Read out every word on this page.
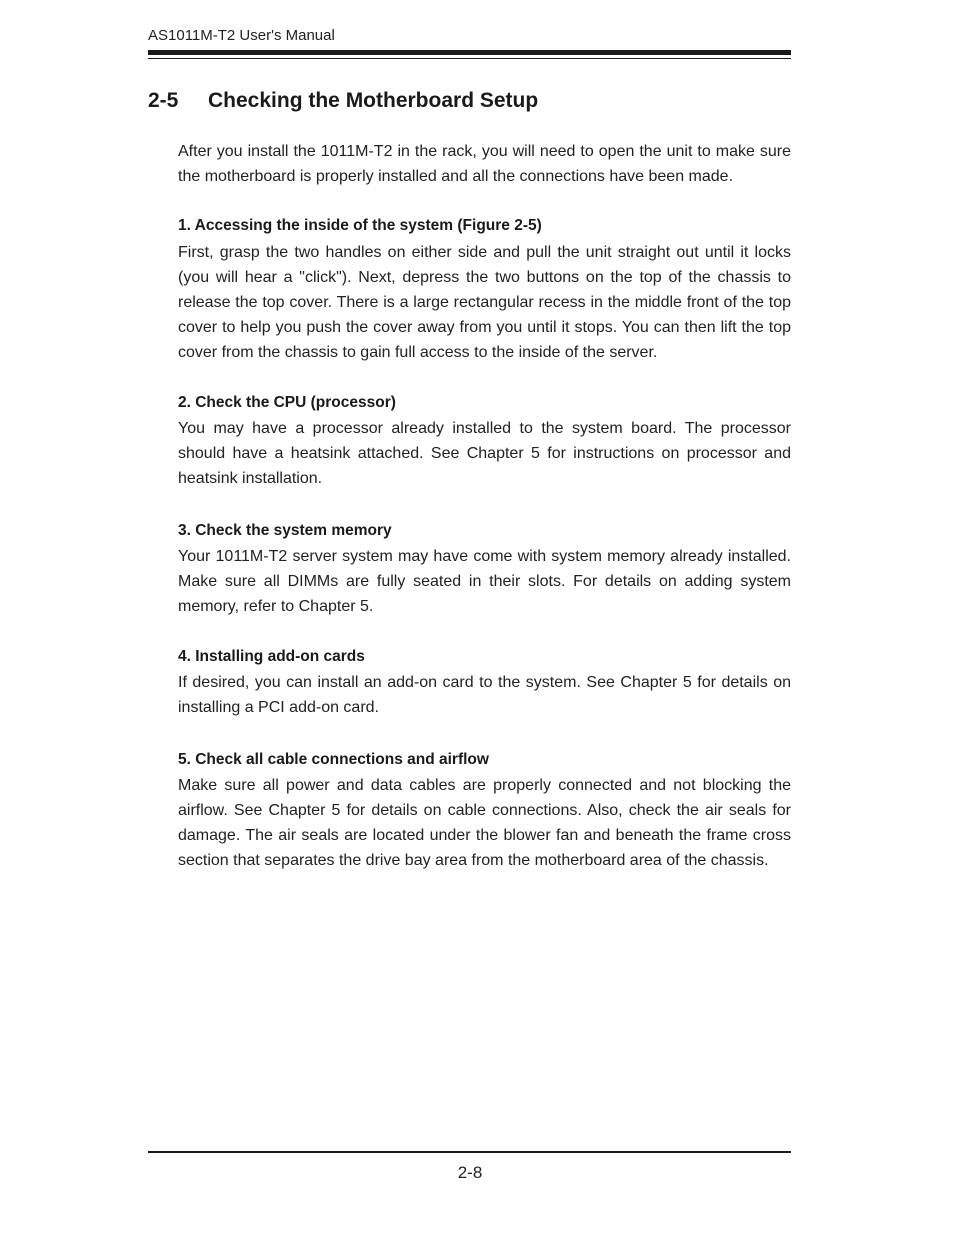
AS1011M-T2 User's Manual
2-5 Checking the Motherboard Setup

After you install the 1011M-T2 in the rack, you will need to open the unit to make sure the motherboard is properly installed and all the connections have been made.

1. Accessing the inside of the system (Figure 2-5)

First, grasp the two handles on either side and pull the unit straight out until it locks (you will hear a "click"). Next, depress the two buttons on the top of the chassis to release the top cover. There is a large rectangular recess in the middle front of the top cover to help you push the cover away from you until it stops. You can then lift the top cover from the chassis to gain full access to the inside of the server.

2. Check the CPU (processor)

You may have a processor already installed to the system board. The processor should have a heatsink attached. See Chapter 5 for instructions on processor and heatsink installation.

3. Check the system memory

Your 1011M-T2 server system may have come with system memory already installed. Make sure all DIMMs are fully seated in their slots. For details on adding system memory, refer to Chapter 5.

4. Installing add-on cards

If desired, you can install an add-on card to the system. See Chapter 5 for details on installing a PCI add-on card.

5. Check all cable connections and airflow

Make sure all power and data cables are properly connected and not blocking the airflow. See Chapter 5 for details on cable connections. Also, check the air seals for damage. The air seals are located under the blower fan and beneath the frame cross section that separates the drive bay area from the motherboard area of the chassis.

2-8
